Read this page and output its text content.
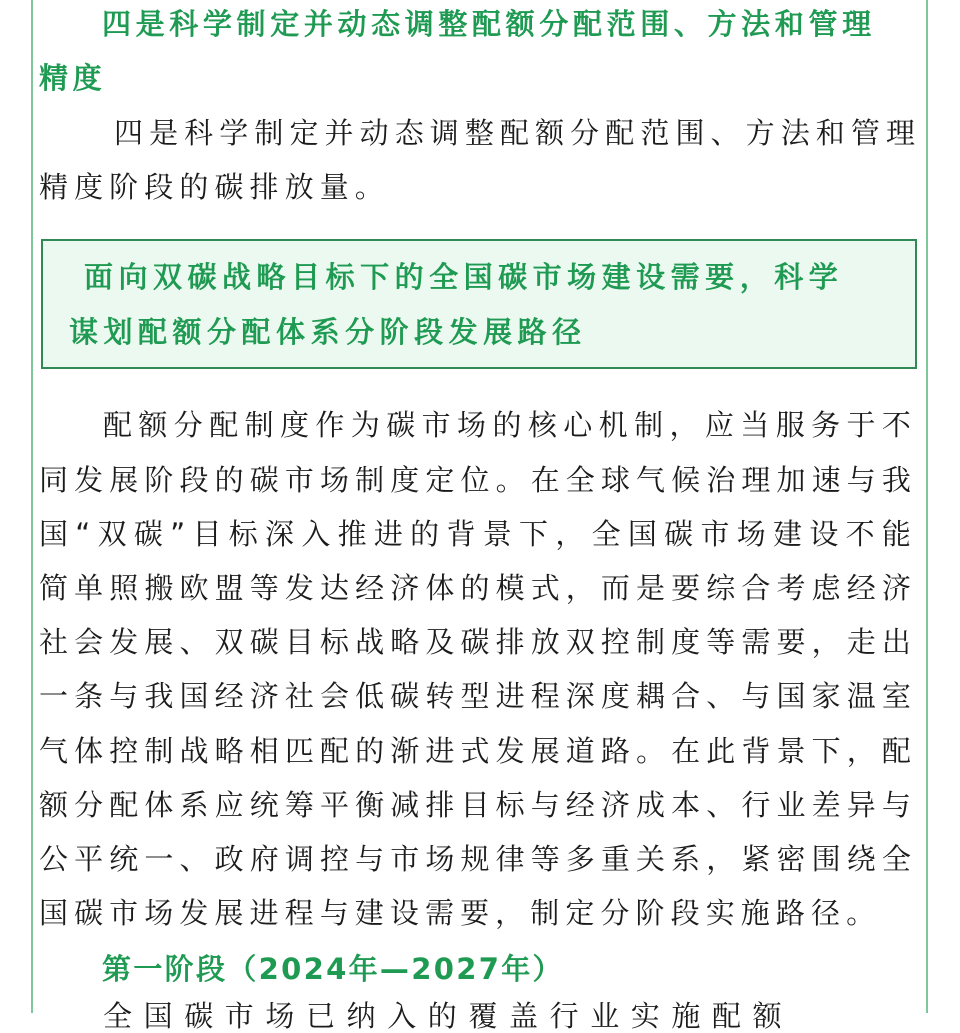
四是科学制定并动态调整配额分配范围、方法和管理
精度
四是科学制定并动态调整配额分配范围、方法和管理
精度阶段的碳排放量。
面向双碳战略目标下的全国碳市场建设需要，科学
谋划配额分配体系分阶段发展路径
配额分配制度作为碳市场的核心机制，应当服务于不
同发展阶段的碳市场制度定位。在全球气候治理加速与我
国“双碳”目标深入推进的背景下，全国碳市场建设不能
简单照搬欧盟等发达经济体的模式，而是要综合考虑经济
社会发展、双碳目标战略及碳排放双控制度等需要，走出
一条与我国经济社会低碳转型进程深度耦合、与国家温室
气体控制战略相匹配的渐进式发展道路。在此背景下，配
额分配体系应统筹平衡减排目标与经济成本、行业差异与
公平统一、政府调控与市场规律等多重关系，紧密围绕全
国碳市场发展进程与建设需要，制定分阶段实施路径。
第一阶段（2024年—2027年）
全国碳市场已纳入的覆盖行业实施配额
